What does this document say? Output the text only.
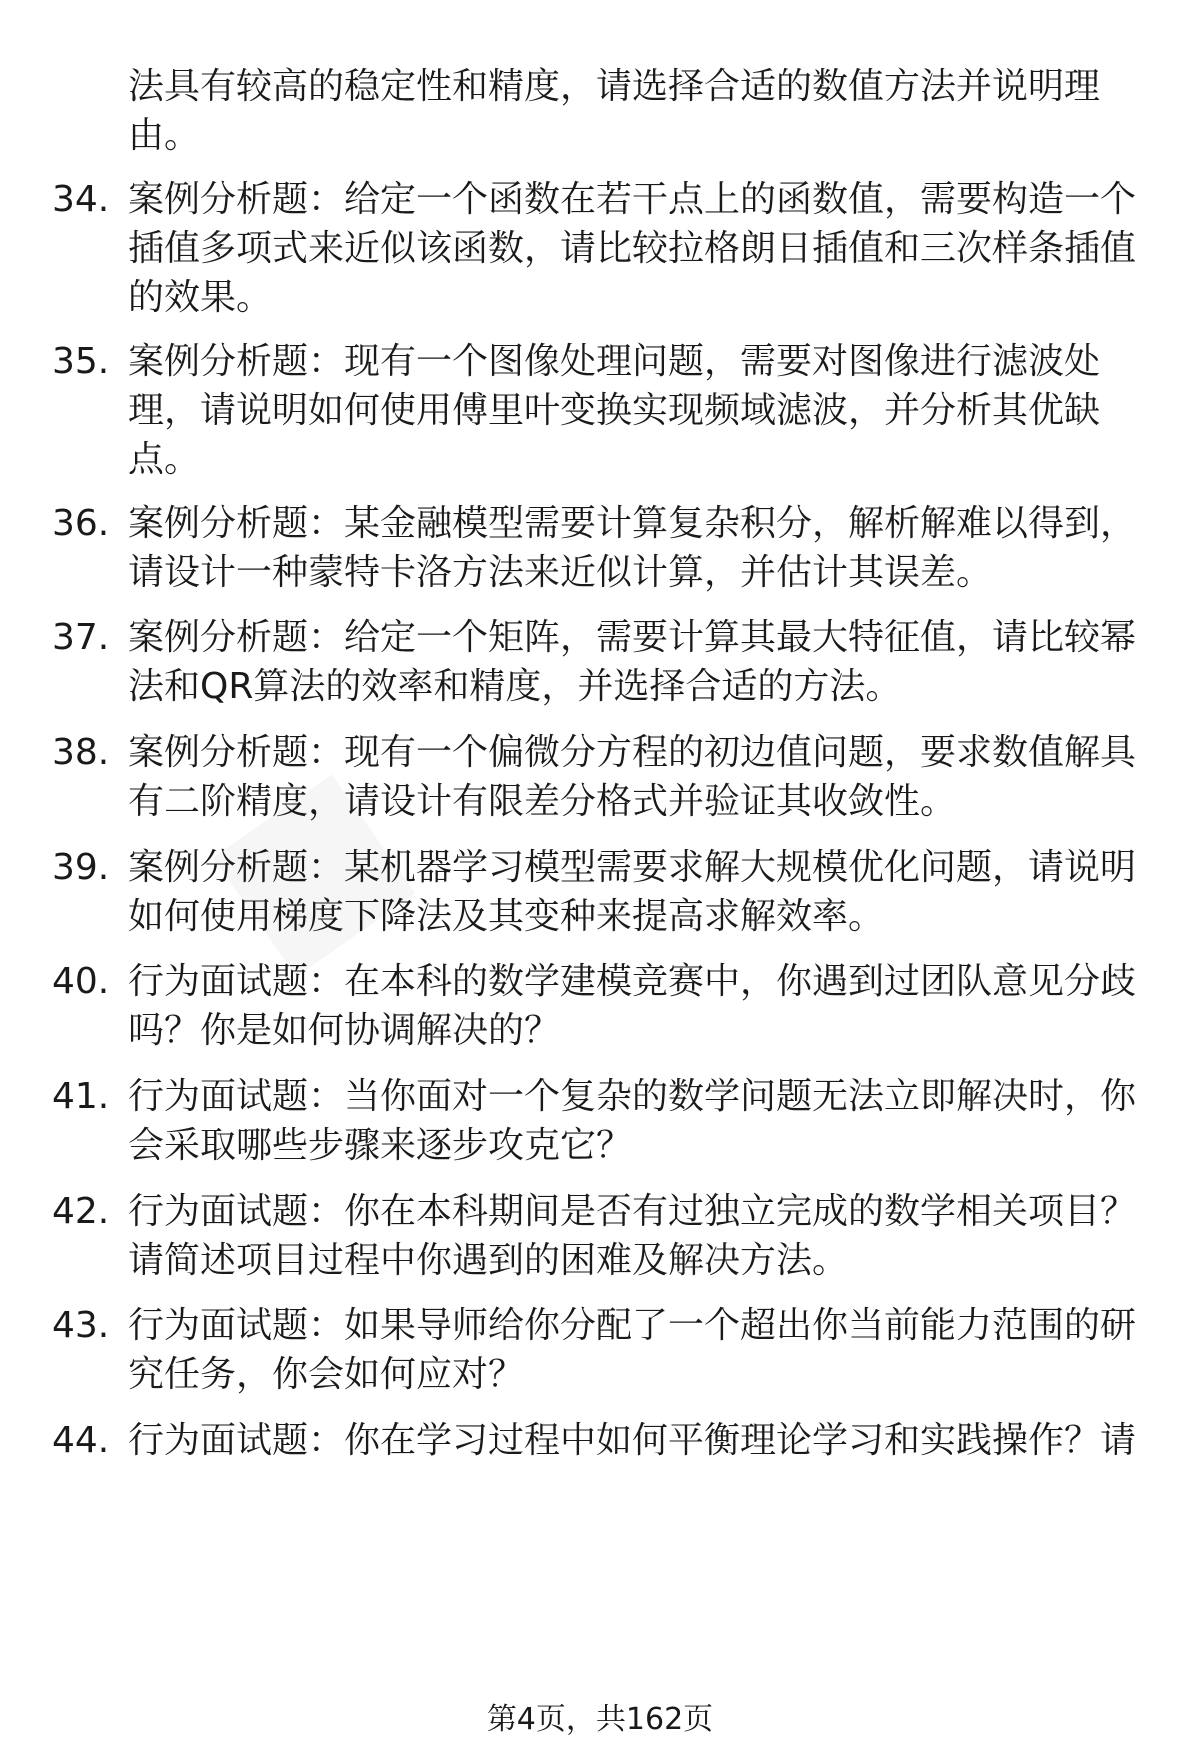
法具有较高的稳定性和精度，请选择合适的数值方法并说明理由。

34. 案例分析题：给定一个函数在若干点上的函数值，需要构造一个插值多项式来近似该函数，请比较拉格朗日插值和三次样条插值的效果。

35. 案例分析题：现有一个图像处理问题，需要对图像进行滤波处理，请说明如何使用傅里叶变换实现频域滤波，并分析其优缺点。

36. 案例分析题：某金融模型需要计算复杂积分，解析解难以得到，请设计一种蒙特卡洛方法来近似计算，并估计其误差。

37. 案例分析题：给定一个矩阵，需要计算其最大特征值，请比较幂法和QR算法的效率和精度，并选择合适的方法。

38. 案例分析题：现有一个偏微分方程的初边值问题，要求数值解具有二阶精度，请设计有限差分格式并验证其收敛性。

39. 案例分析题：某机器学习模型需要求解大规模优化问题，请说明如何使用梯度下降法及其变种来提高求解效率。

40. 行为面试题：在本科的数学建模竞赛中，你遇到过团队意见分歧吗？你是如何协调解决的？

41. 行为面试题：当你面对一个复杂的数学问题无法立即解决时，你会采取哪些步骤来逐步攻克它？

42. 行为面试题：你在本科期间是否有过独立完成的数学相关项目？请简述项目过程中你遇到的困难及解决方法。

43. 行为面试题：如果导师给你分配了一个超出你当前能力范围的研究任务，你会如何应对？

44. 行为面试题：你在学习过程中如何平衡理论学习和实践操作？请

第4页，共162页
